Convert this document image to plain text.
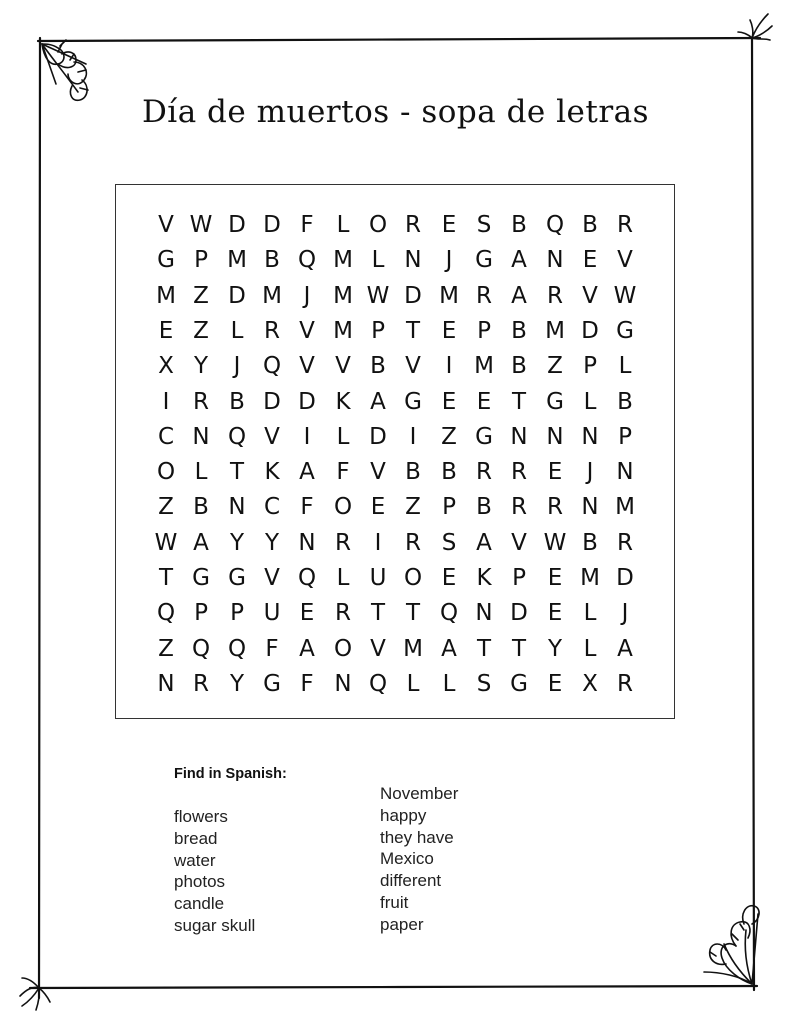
Día de muertos - sopa de letras
V W D D F L O R E S B Q B R
G P M B Q M L N	J G A N E V
M Z D M J M W D M R A R V W
E Z L R V M P T E P B M D G
X Y	J Q V V B V	I M B Z P L
I	R B D D K A G E E T G L B
C N Q V	I	L D I	Z G N N N P
O L T K A F V B B R R E	J	N
Z B N C F O E Z P B R R N M
W A Y Y N R	I	R S A V W B R
T G G V Q L U O E K P E M D
Q P P U E R T T Q N D E L	J
Z Q Q F A O V M A T T Y L A
N R Y G F N Q L	L S G E X R
Find in Spanish:
flowers
bread
water
photos
candle
sugar skull
November
happy
they have
Mexico
different
fruit
paper
